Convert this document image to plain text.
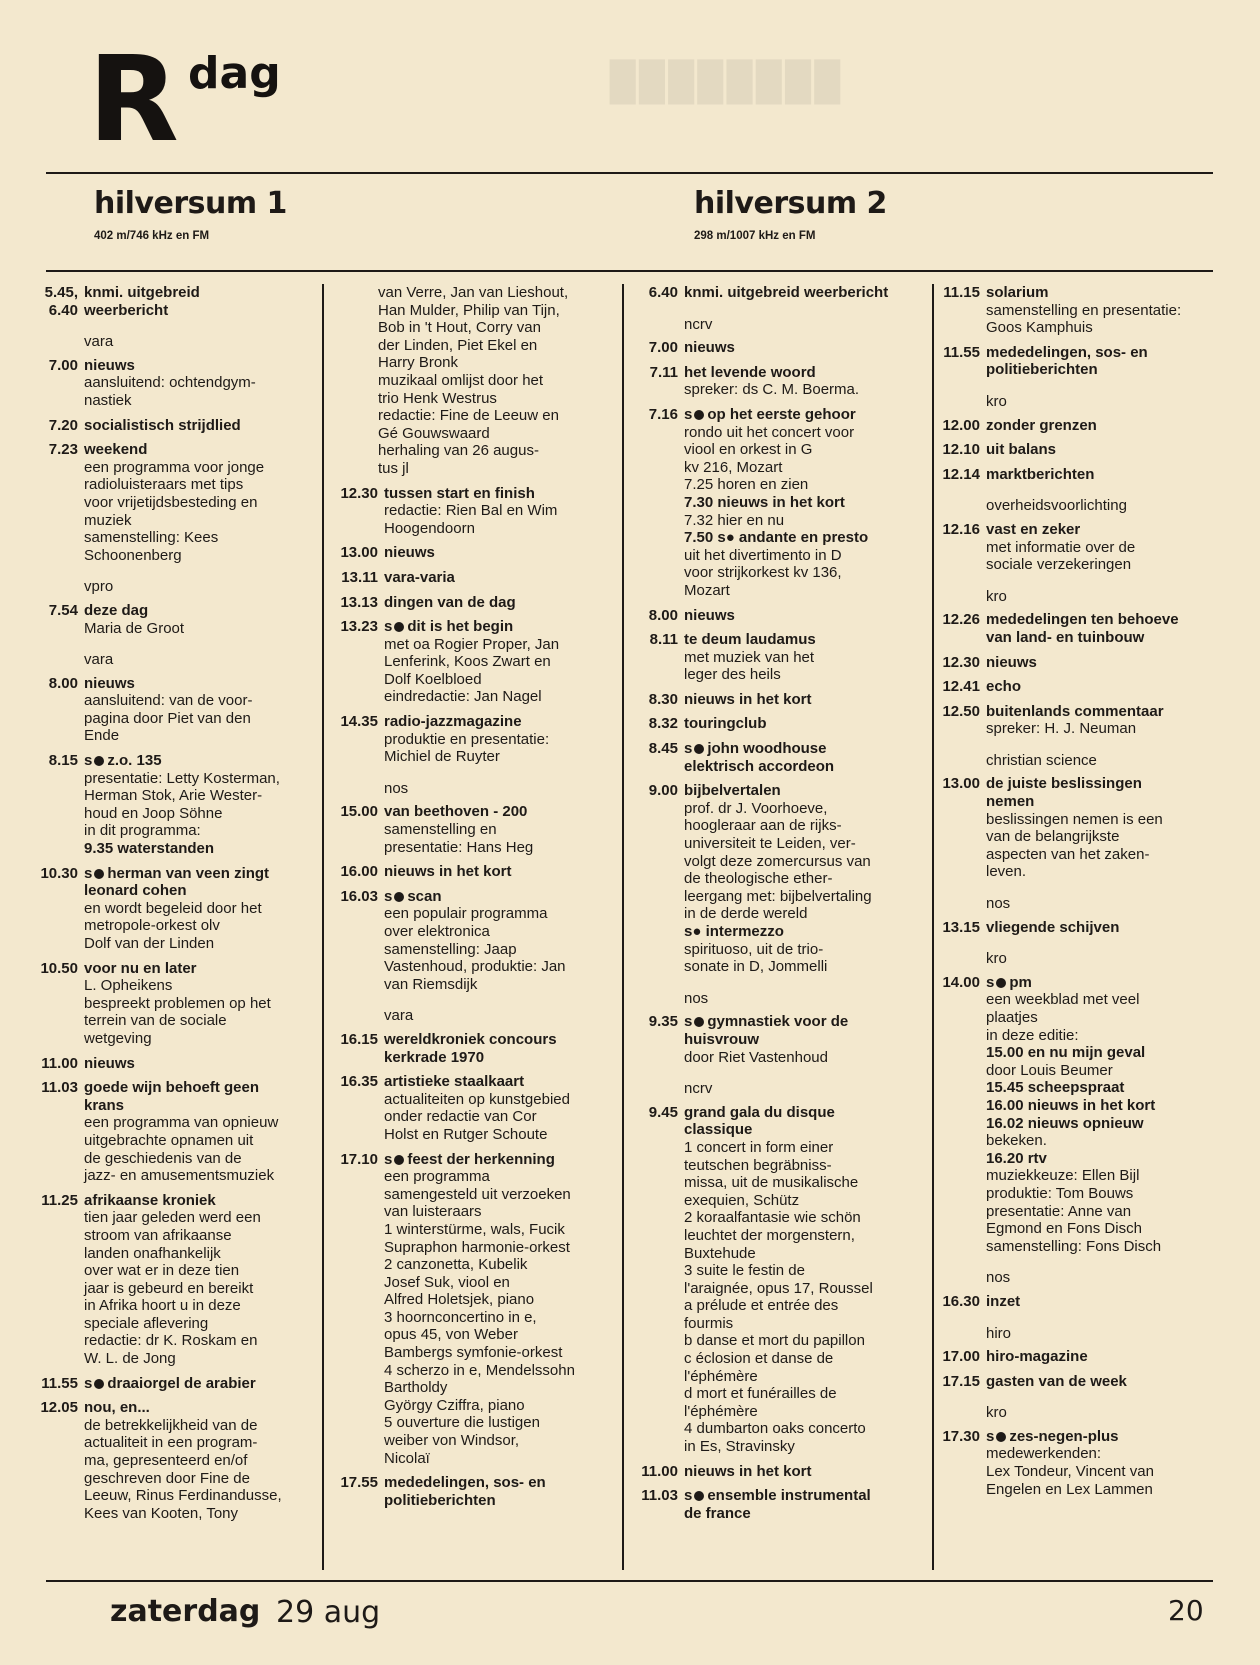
▉▉▉▉▉▉▉▉
R dag
hilversum 1
402 m/746 kHz en FM
hilversum 2
298 m/1007 kHz en FM
5.45, 6.40
knmi. uitgebreid
weerbericht
vara
7.00 nieuws
aansluitend: ochtendgym-
nastiek
7.20 socialistisch strijdlied
7.23 weekend
een programma voor jonge
radioluisteraars met tips
voor vrijetijdsbesteding en
muziek
samenstelling: Kees
Schoonenberg
vpro
7.54 deze dag
Maria de Groot
vara
8.00 nieuws
aansluitend: van de voor-
pagina door Piet van den
Ende
8.15 s z.o. 135
presentatie: Letty Kosterman,
Herman Stok, Arie Wester-
houd en Joop Söhne
in dit programma:
9.35 waterstanden
10.30 s herman van veen zingt
leonard cohen
en wordt begeleid door het
metropole-orkest olv
Dolf van der Linden
10.50 voor nu en later
L. Opheikens
bespreekt problemen op het
terrein van de sociale
wetgeving
11.00 nieuws
11.03 goede wijn behoeft geen
krans
een programma van opnieuw
uitgebrachte opnamen uit
de geschiedenis van de
jazz- en amusementsmuziek
11.25 afrikaanse kroniek
tien jaar geleden werd een
stroom van afrikaanse
landen onafhankelijk
over wat er in deze tien
jaar is gebeurd en bereikt
in Afrika hoort u in deze
speciale aflevering
redactie: dr K. Roskam en
W. L. de Jong
11.55 s draaiorgel de arabier
12.05 nou, en...
de betrekkelijkheid van de
actualiteit in een program-
ma, gepresenteerd en/of
geschreven door Fine de
Leeuw, Rinus Ferdinandusse,
Kees van Kooten, Tony
van Verre, Jan van Lieshout,
Han Mulder, Philip van Tijn,
Bob in 't Hout, Corry van
der Linden, Piet Ekel en
Harry Bronk
muzikaal omlijst door het
trio Henk Westrus
redactie: Fine de Leeuw en
Gé Gouwswaard
herhaling van 26 augus-
tus jl
12.30 tussen start en finish
redactie: Rien Bal en Wim
Hoogendoorn
13.00 nieuws
13.11 vara-varia
13.13 dingen van de dag
13.23 s dit is het begin
met oa Rogier Proper, Jan
Lenferink, Koos Zwart en
Dolf Koelbloed
eindredactie: Jan Nagel
14.35 radio-jazzmagazine
produktie en presentatie:
Michiel de Ruyter
nos
15.00 van beethoven - 200
samenstelling en
presentatie: Hans Heg
16.00 nieuws in het kort
16.03 s scan
een populair programma
over elektronica
samenstelling: Jaap
Vastenhoud, produktie: Jan
van Riemsdijk
vara
16.15 wereldkroniek concours
kerkrade 1970
16.35 artistieke staalkaart
actualiteiten op kunstgebied
onder redactie van Cor
Holst en Rutger Schoute
17.10 s feest der herkenning
een programma
samengesteld uit verzoeken
van luisteraars
1 winterstürme, wals, Fucik
Supraphon harmonie-orkest
2 canzonetta, Kubelik
Josef Suk, viool en
Alfred Holetsjek, piano
3 hoornconcertino in e,
opus 45, von Weber
Bambergs symfonie-orkest
4 scherzo in e, Mendelssohn
Bartholdy
György Cziffra, piano
5 ouverture die lustigen
weiber von Windsor,
Nicolaï
17.55 mededelingen, sos- en
politieberichten
6.40 knmi. uitgebreid weerbericht
ncrv
7.00 nieuws
7.11 het levende woord
spreker: ds C. M. Boerma.
7.16 s op het eerste gehoor
rondo uit het concert voor
viool en orkest in G
kv 216, Mozart
7.25 horen en zien
7.30 nieuws in het kort
7.32 hier en nu
7.50 s● andante en presto
uit het divertimento in D
voor strijkorkest kv 136,
Mozart
8.00 nieuws
8.11 te deum laudamus
met muziek van het
leger des heils
8.30 nieuws in het kort
8.32 touringclub
8.45 s john woodhouse
elektrisch accordeon
9.00 bijbelvertalen
prof. dr J. Voorhoeve,
hoogleraar aan de rijks-
universiteit te Leiden, ver-
volgt deze zomercursus van
de theologische ether-
leergang met: bijbelvertaling
in de derde wereld
s● intermezzo
spirituoso, uit de trio-
sonate in D, Jommelli
nos
9.35 s gymnastiek voor de
huisvrouw
door Riet Vastenhoud
ncrv
9.45 grand gala du disque
classique
1 concert in form einer
teutschen begräbniss-
missa, uit de musikalische
exequien, Schütz
2 koraalfantasie wie schön
leuchtet der morgenstern,
Buxtehude
3 suite le festin de
l'araignée, opus 17, Roussel
a prélude et entrée des
fourmis
b danse et mort du papillon
c éclosion et danse de
l'éphémère
d mort et funérailles de
l'éphémère
4 dumbarton oaks concerto
in Es, Stravinsky
11.00 nieuws in het kort
11.03 s ensemble instrumental
de france
11.15 solarium
samenstelling en presentatie:
Goos Kamphuis
11.55 mededelingen, sos- en
politieberichten
kro
12.00 zonder grenzen
12.10 uit balans
12.14 marktberichten
overheidsvoorlichting
12.16 vast en zeker
met informatie over de
sociale verzekeringen
kro
12.26 mededelingen ten behoeve
van land- en tuinbouw
12.30 nieuws
12.41 echo
12.50 buitenlands commentaar
spreker: H. J. Neuman
christian science
13.00 de juiste beslissingen
nemen
beslissingen nemen is een
van de belangrijkste
aspecten van het zaken-
leven.
nos
13.15 vliegende schijven
kro
14.00 s pm
een weekblad met veel
plaatjes
in deze editie:
15.00 en nu mijn geval
door Louis Beumer
15.45 scheepspraat
16.00 nieuws in het kort
16.02 nieuws opnieuw
bekeken.
16.20 rtv
muziekkeuze: Ellen Bijl
produktie: Tom Bouws
presentatie: Anne van
Egmond en Fons Disch
samenstelling: Fons Disch
nos
16.30 inzet
hiro
17.00 hiro-magazine
17.15 gasten van de week
kro
17.30 s zes-negen-plus
medewerkenden:
Lex Tondeur, Vincent van
Engelen en Lex Lammen
zaterdag 29 aug	20
